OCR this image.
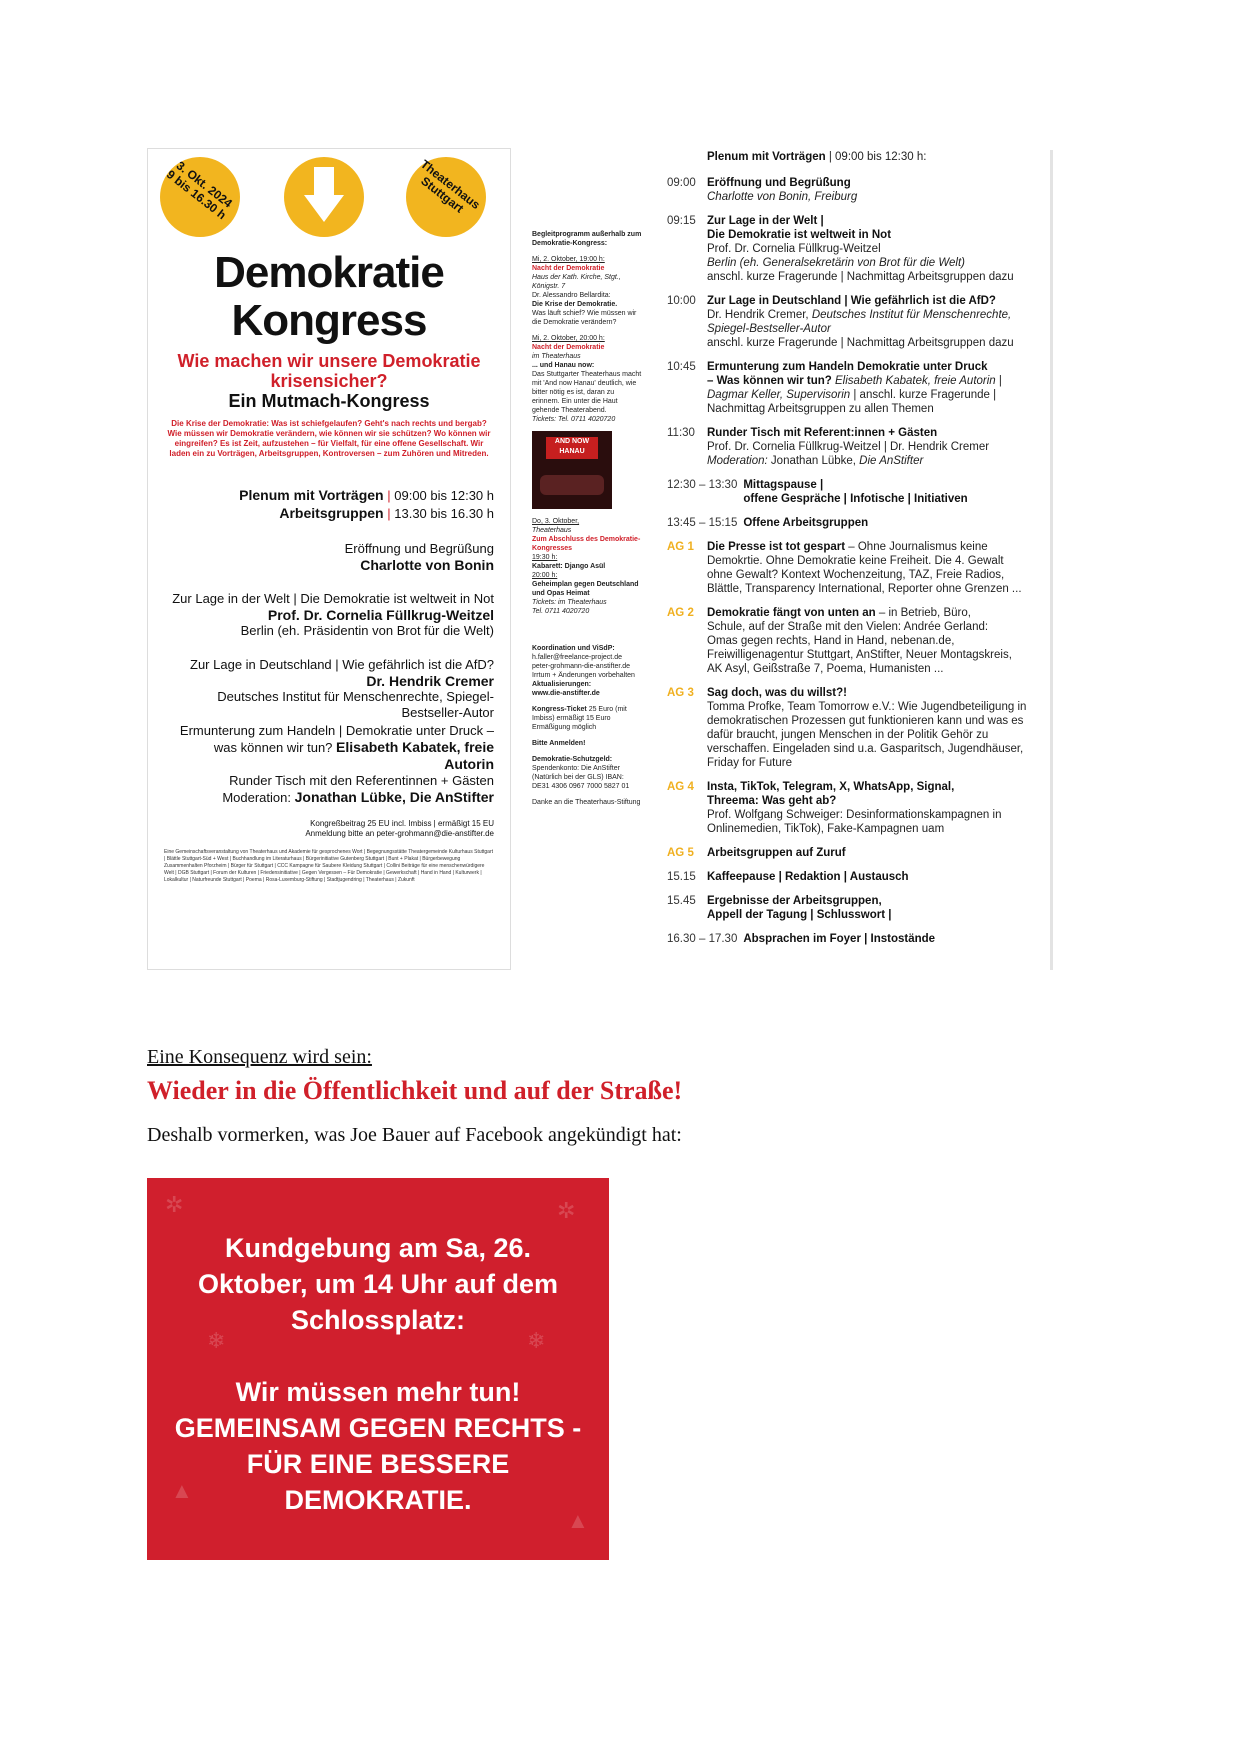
3. Okt. 2024
9 bis 16.30 h	Theaterhaus
Stuttgart
Demokratie
Kongress
Wie machen wir unsere Demokratie krisensicher?
Ein Mutmach-Kongress
Die Krise der Demokratie: Was ist schiefgelaufen? Geht's nach rechts und bergab? Wie müssen wir Demokratie verändern, wie können wir sie schützen? Wo können wir eingreifen? Es ist Zeit, aufzustehen – für Vielfalt, für eine offene Gesellschaft. Wir laden ein zu Vorträgen, Arbeitsgruppen, Kontroversen – zum Zuhören und Mitreden.
Plenum mit Vorträgen | 09:00 bis 12:30 h
Arbeitsgruppen | 13.30 bis 16.30 h
Eröffnung und Begrüßung
Charlotte von Bonin
Zur Lage in der Welt | Die Demokratie ist weltweit in Not
Prof. Dr. Cornelia Füllkrug-Weitzel
Berlin (eh. Präsidentin von Brot für die Welt)
Zur Lage in Deutschland | Wie gefährlich ist die AfD?
Dr. Hendrik Cremer
Deutsches Institut für Menschenrechte, Spiegel-Bestseller-Autor
Ermunterung zum Handeln | Demokratie unter Druck –
was können wir tun? Elisabeth Kabatek, freie Autorin
Runder Tisch mit den Referentinnen + Gästen
Moderation: Jonathan Lübke, Die AnStifter
Kongreßbeitrag 25 EU incl. Imbiss | ermäßigt 15 EU
Anmeldung bitte an peter-grohmann@die-anstifter.de
Eine Gemeinschaftsveranstaltung von Theaterhaus und Akademie für gesprochenes Wort | Begegnungsstätte Theatergemeinde Kulturhaus Stuttgart | Blättle Stuttgart-Süd + West | Buchhandlung im Literaturhaus | Bürgerinitiative Gutenberg Stuttgart | Bunt + Plakat | Bürgerbewegung Zusammenhalten Pforzheim | Bürger für Stuttgart | CCC Kampagne für Saubere Kleidung Stuttgart | Collini Beiträge für eine menschenwürdigere Welt | DGB Stuttgart | Forum der Kulturen | Friedensinitiative | Gegen Vergessen – Für Demokratie | Gewerkschaft | Hand in Hand | Kulturwerk | Lokalkultur | Naturfreunde Stuttgart | Poema | Rosa-Luxemburg-Stiftung | Stadtjugendring | Theaterhaus | Zukunft
Begleitprogramm außerhalb zum Demokratie-Kongress:
Mi, 2. Oktober, 19:00 h:
Nacht der Demokratie
Haus der Kath. Kirche, Stgt., Königstr. 7
Dr. Alessandro Bellardita:
Die Krise der Demokratie.
Was läuft schief? Wie müssen wir die Demokratie verändern?
Mi, 2. Oktober, 20:00 h:
Nacht der Demokratie
im Theaterhaus
... und Hanau now:
Das Stuttgarter Theaterhaus macht mit 'And now Hanau' deutlich, wie bitter nötig es ist, daran zu erinnern. Ein unter die Haut gehende Theaterabend.
Tickets: Tel. 0711 4020720
AND NOW HANAU
Do, 3. Oktober,
Theaterhaus
Zum Abschluss des Demokratie-Kongresses
19:30 h:
Kabarett: Django Asül
20:00 h:
Geheimplan gegen Deutschland und Opas Heimat
Tickets: im Theaterhaus
Tel. 0711 4020720
Koordination und ViSdP:
h.faller@freelance-project.de peter-grohmann-die-anstifter.de Irrtum + Änderungen vorbehalten
Aktualisierungen:
www.die-anstifter.de
Kongress-Ticket 25 Euro (mit Imbiss) ermäßigt 15 Euro Ermäßigung möglich
Bitte Anmelden!
Demokratie-Schutzgeld:
Spendenkonto: Die AnStifter (Natürlich bei der GLS) IBAN: DE31 4306 0967 7000 5827 01
Danke an die Theaterhaus-Stiftung
Plenum mit Vorträgen | 09:00 bis 12:30 h:
09:00 Eröffnung und Begrüßung
Charlotte von Bonin, Freiburg
09:15 Zur Lage in der Welt |
Die Demokratie ist weltweit in Not
Prof. Dr. Cornelia Füllkrug-Weitzel
Berlin (eh. Generalsekretärin von Brot für die Welt)
anschl. kurze Fragerunde | Nachmittag Arbeitsgruppen dazu
10:00 Zur Lage in Deutschland | Wie gefährlich ist die AfD?
Dr. Hendrik Cremer, Deutsches Institut für Menschenrechte,
Spiegel-Bestseller-Autor
anschl. kurze Fragerunde | Nachmittag Arbeitsgruppen dazu
10:45 Ermunterung zum Handeln Demokratie unter Druck
– Was können wir tun? Elisabeth Kabatek, freie Autorin |
Dagmar Keller, Supervisorin | anschl. kurze Fragerunde |
Nachmittag Arbeitsgruppen zu allen Themen
11:30	Runder Tisch mit Referent:innen + Gästen
Prof. Dr. Cornelia Füllkrug-Weitzel | Dr. Hendrik Cremer
Moderation: Jonathan Lübke, Die AnStifter
12:30 – 13:30 Mittagspause |
offene Gespräche | Infotische | Initiativen
13:45 – 15:15 Offene Arbeitsgruppen
AG 1	Die Presse ist tot gespart – Ohne Journalismus keine
Demokrtie. Ohne Demokratie keine Freiheit. Die 4. Gewalt
ohne Gewalt? Kontext Wochenzeitung, TAZ, Freie Radios,
Blättle, Transparency International, Reporter ohne Grenzen ...
AG 2	Demokratie fängt von unten an – in Betrieb, Büro,
Schule, auf der Straße mit den Vielen: Andrée Gerland:
Omas gegen rechts, Hand in Hand, nebenan.de,
Freiwilligenagentur Stuttgart, AnStifter, Neuer Montagskreis,
AK Asyl, Geißstraße 7, Poema, Humanisten ...
AG 3	Sag doch, was du willst?!
Tomma Profke, Team Tomorrow e.V.: Wie Jugendbeteiligung in
demokratischen Prozessen gut funktionieren kann und was es
dafür braucht, jungen Menschen in der Politik Gehör zu
verschaffen. Eingeladen sind u.a. Gasparitsch, Jugendhäuser,
Friday for Future
AG 4	Insta, TikTok, Telegram, X, WhatsApp, Signal,
Threema: Was geht ab?
Prof. Wolfgang Schweiger: Desinformationskampagnen in
Onlinemedien, TikTok), Fake-Kampagnen uam
AG 5	Arbeitsgruppen auf Zuruf
15.15 Kaffeepause | Redaktion | Austausch
15.45 Ergebnisse der Arbeitsgruppen,
Appell der Tagung | Schlusswort |
16.30 – 17.30 Absprachen im Foyer | Instostände
Eine Konsequenz wird sein:
Wieder in die Öffentlichkeit und auf der Straße!
Deshalb vormerken, was Joe Bauer auf Facebook angekündigt hat:
✲	✲
▲
▲
❄
❄
Kundgebung am Sa, 26.
Oktober, um 14 Uhr auf dem
Schlossplatz:
Wir müssen mehr tun!
GEMEINSAM GEGEN RECHTS -
FÜR EINE BESSERE
DEMOKRATIE.
